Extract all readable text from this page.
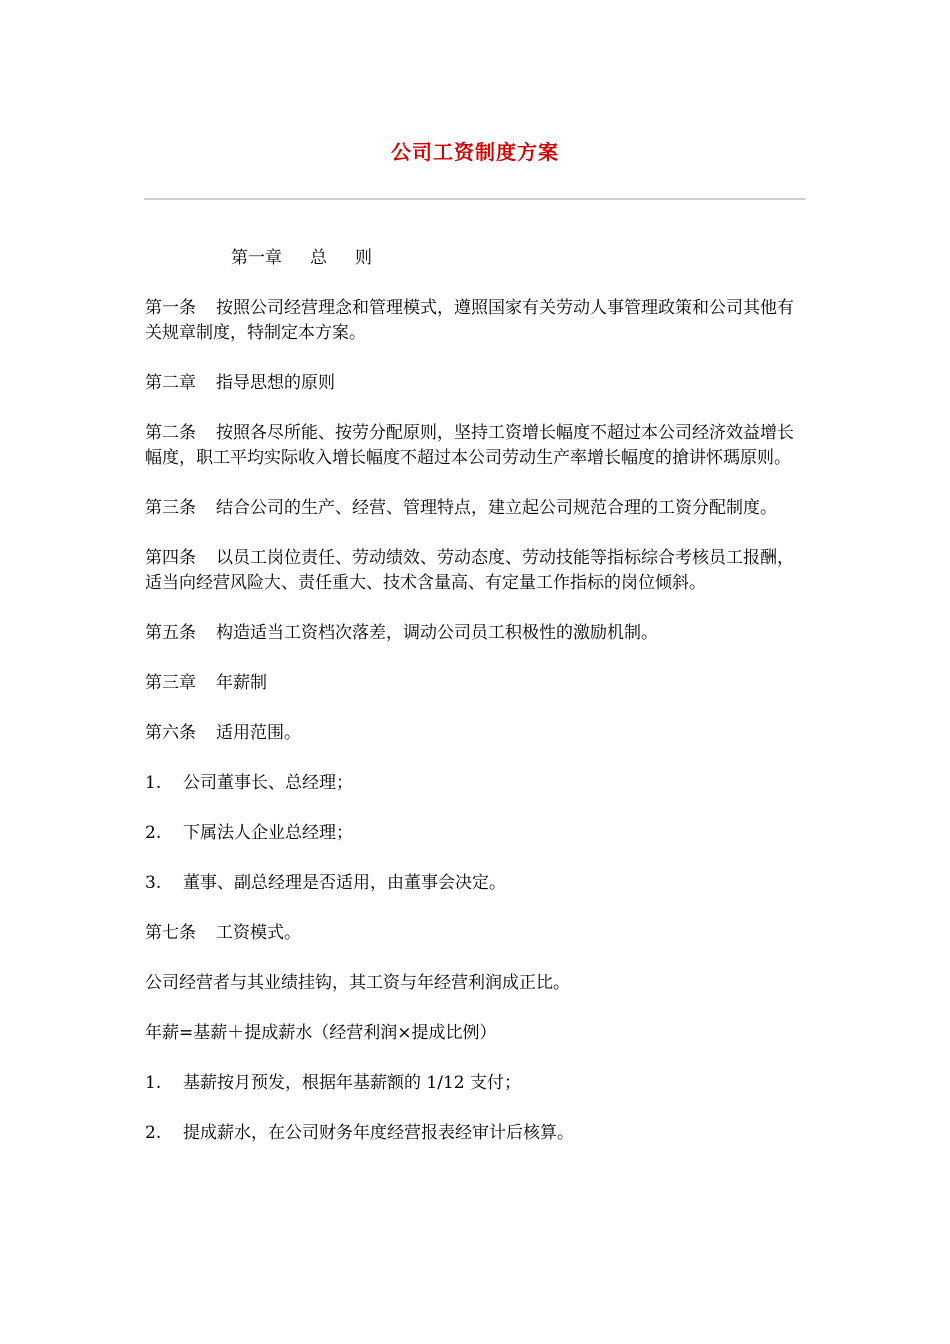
公司工资制度方案

第一章 总 则

第一条 按照公司经营理念和管理模式，遵照国家有关劳动人事管理政策和公司其他有关规章制度，特制定本方案。

第二章 指导思想的原则

第二条 按照各尽所能、按劳分配原则，坚持工资增长幅度不超过本公司经济效益增长幅度，职工平均实际收入增长幅度不超过本公司劳动生产率增长幅度的搶讲怀瑪原则。

第三条 结合公司的生产、经营、管理特点，建立起公司规范合理的工资分配制度。

第四条 以员工岗位责任、劳动绩效、劳动态度、劳动技能等指标综合考核员工报酬，适当向经营风险大、责任重大、技术含量高、有定量工作指标的岗位倾斜。

第五条 构造适当工资档次落差，调动公司员工积极性的激励机制。

第三章 年薪制

第六条 适用范围。

1. 公司董事长、总经理；

2. 下属法人企业总经理；

3. 董事、副总经理是否适用，由董事会决定。

第七条 工资模式。

公司经营者与其业绩挂钩，其工资与年经营利润成正比。

年薪=基薪＋提成薪水（经营利润×提成比例）

1. 基薪按月预发，根据年基薪额的 1/12 支付；

2. 提成薪水，在公司财务年度经营报表经审计后核算。
